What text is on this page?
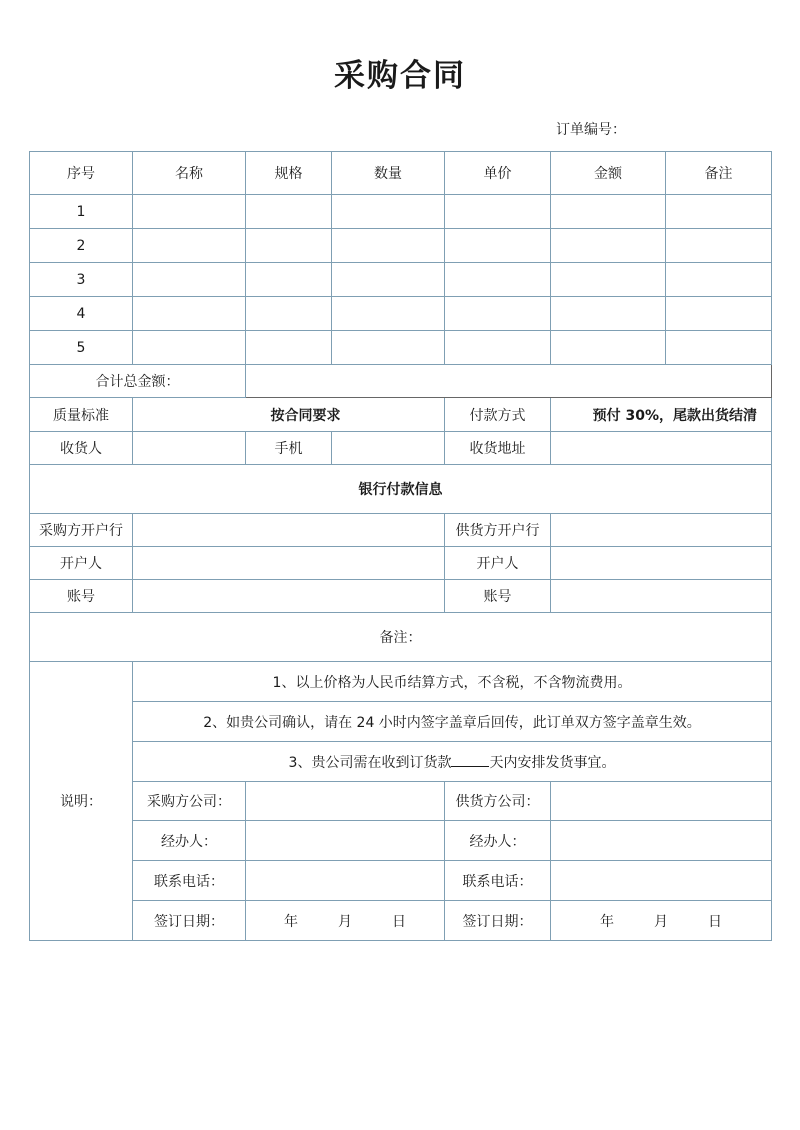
采购合同
订单编号：
序号	名称	规格	数量	单价	金额	备注
1						
2						
3						
4						
5						
合计总金额：						
质量标准	按合同要求			付款方式	预付 30%，尾款出货结清	
收货人		手机		收货地址		
银行付款信息						
采购方开户行				供货方开户行		
开户人				开户人		
账号				账号		
备注：						
说明：	1、以上价格为人民币结算方式，不含税，不含物流费用。					
	2、如贵公司确认，请在 24 小时内签字盖章后回传，此订单双方签字盖章生效。					
	3、贵公司需在收到订货款 天内安排发货事宜。					
	采购方公司：			供货方公司：		
	经办人：			经办人：		
	联系电话：			联系电话：		
	签订日期：	年 月 日		签订日期：	年 月 日	
